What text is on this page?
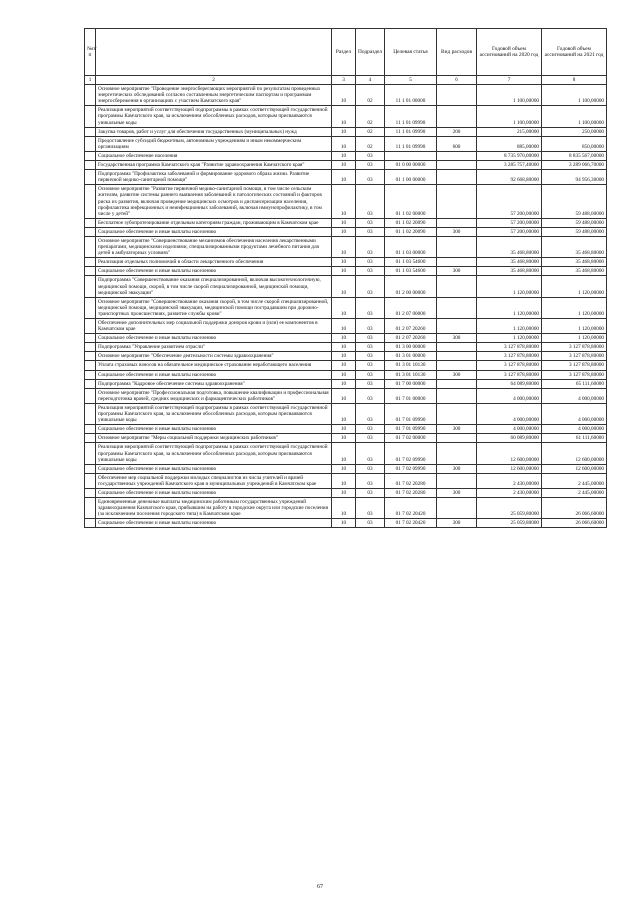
№п/п		Раздел	Подраздел	Целевая статья	Вид расходов	Годовой объем ассигнований на 2020 год	Годовой объем ассигнований на 2021 год
1	2	3	4	5	6	7	8
	Основное мероприятие "Проведение энергосберегающих мероприятий по результатам проведенных энергетических обследований согласно составленным энергетическим паспортам и программам энергосбережения в организациях с участием Камчатского края"	10	02	11 1 01 00000		1 100,00000	1 100,00000
	Реализация мероприятий соответствующей подпрограммы в рамках соответствующей государственной программы Камчатского края, за исключением обособленных расходов, которым присваиваются уникальные коды	10	02	11 1 01 09990		1 100,00000	1 100,00000
	Закупка товаров, работ и услуг для обеспечения государственных (муниципальных) нужд	10	02	11 1 01 09990	200	215,00000	250,00000
	Предоставление субсидий бюджетным, автономным учреждениям и иным некоммерческим организациям	10	02	11 1 01 09990	600	885,00000	850,00000
	Социальное обеспечение населения	10	03			8 735 970,00000	8 835 567,00000
	Государственная программа Камчатского края "Развитие здравоохранения Камчатского края"	10	03	01 0 00 00000		3 285 757,40000	3 289 066,70000
	Подпрограмма "Профилактика заболеваний и формирование здорового образа жизни. Развитие первичной медико-санитарной помощи"	10	03	01 1 00 00000		92 668,80000	94 956,30000
	Основное мероприятие "Развитие первичной медико-санитарной помощи, в том числе сельским жителям, развитие системы раннего выявления заболеваний и патологических состояний и факторов риска их развития, включая проведение медицинских осмотров и диспансеризации населения, профилактика инфекционных и неинфекционных заболеваний, включая иммунопрофилактику, в том числе у детей"	10	03	01 1 02 00000		57 200,00000	59 488,00000
	Бесплатное зубопротезирование отдельным категориям граждан, проживающим в Камчатском крае	10	03	01 1 02 20090		57 200,00000	59 488,00000
	Социальное обеспечение и иные выплаты населению	10	03	01 1 02 20090	300	57 200,00000	59 488,00000
	Основное мероприятие "Совершенствование механизмов обеспечения населения лекарственными препаратами, медицинскими изделиями, специализированными продуктами лечебного питания для детей в амбулаторных условиях"	10	03	01 1 03 00000		35 468,80000	35 468,80000
	Реализация отдельных полномочий в области лекарственного обеспечения	10	03	01 1 03 54600		35 468,80000	35 468,80000
	Социальное обеспечение и иные выплаты населению	10	03	01 1 03 54600	300	35 468,80000	35 468,80000
	Подпрограмма "Совершенствование оказания специализированной, включая высокотехнологичную, медицинской помощи, скорой, в том числе скорой специализированной, медицинской помощи, медицинской эвакуации"	10	03	01 2 00 00000		1 120,00000	1 120,00000
	Основное мероприятие "Совершенствование оказания скорой, в том числе скорой специализированной, медицинской помощи, медицинской эвакуации, медицинской помощи пострадавшим при дорожно-транспортных происшествиях, развитие службы крови"	10	03	01 2 07 00000		1 120,00000	1 120,00000
	Обеспечение дополнительных мер социальной поддержки доноров крови и (или) ее компонентов в Камчатском крае	10	03	01 2 07 20260		1 120,00000	1 120,00000
	Социальное обеспечение и иные выплаты населению	10	03	01 2 07 20260	300	1 120,00000	1 120,00000
	Подпрограмма "Управление развитием отрасли"	10	03	01 3 00 00000		3 127 878,80000	3 127 878,80000
	Основное мероприятие "Обеспечение деятельности системы здравоохранения"	10	03	01 3 01 00000		3 127 878,80000	3 127 878,80000
	Уплата страховых взносов на обязательное медицинское страхование неработающего населения	10	03	01 3 01 10130		3 127 878,80000	3 127 878,80000
	Социальное обеспечение и иные выплаты населению	10	03	01 3 01 10130	300	3 127 878,80000	3 127 878,80000
	Подпрограмма "Кадровое обеспечение системы здравоохранения"	10	03	01 7 00 00000		64 089,80000	65 111,60000
	Основное мероприятие "Профессиональная подготовка, повышение квалификации и профессиональная переподготовка врачей, средних медицинских и фармацевтических работников"	10	03	01 7 01 00000		4 000,00000	4 000,00000
	Реализация мероприятий соответствующей подпрограммы в рамках соответствующей государственной программы Камчатского края, за исключением обособленных расходов, которым присваиваются уникальные коды	10	03	01 7 01 09990		4 000,00000	4 000,00000
	Социальное обеспечение и иные выплаты населению	10	03	01 7 01 09990	300	4 000,00000	4 000,00000
	Основное мероприятие "Меры социальной поддержки медицинских работников"	10	03	01 7 02 00000		60 089,80000	61 111,60000
	Реализация мероприятий соответствующей подпрограммы в рамках соответствующей государственной программы Камчатского края, за исключением обособленных расходов, которым присваиваются уникальные коды	10	03	01 7 02 09990		12 600,00000	12 600,00000
	Социальное обеспечение и иные выплаты населению	10	03	01 7 02 09990	300	12 600,00000	12 600,00000
	Обеспечение мер социальной поддержки молодых специалистов из числа учителей и врачей государственных учреждений Камчатского края и муниципальных учреждений в Камчатском крае	10	03	01 7 02 20280		2 430,00000	2 445,00000
	Социальное обеспечение и иные выплаты населению	10	03	01 7 02 20280	300	2 430,00000	2 445,00000
	Единовременные денежные выплаты медицинским работникам государственных учреждений здравоохранения Камчатского края, прибывшим на работу в городские округа или городские поселения (за исключением поселения городского типа) в Камчатском крае	10	03	01 7 02 20420		25 059,80000	26 066,60000
	Социальное обеспечение и иные выплаты населению	10	03	01 7 02 20420	300	25 059,80000	26 066,60000
67
